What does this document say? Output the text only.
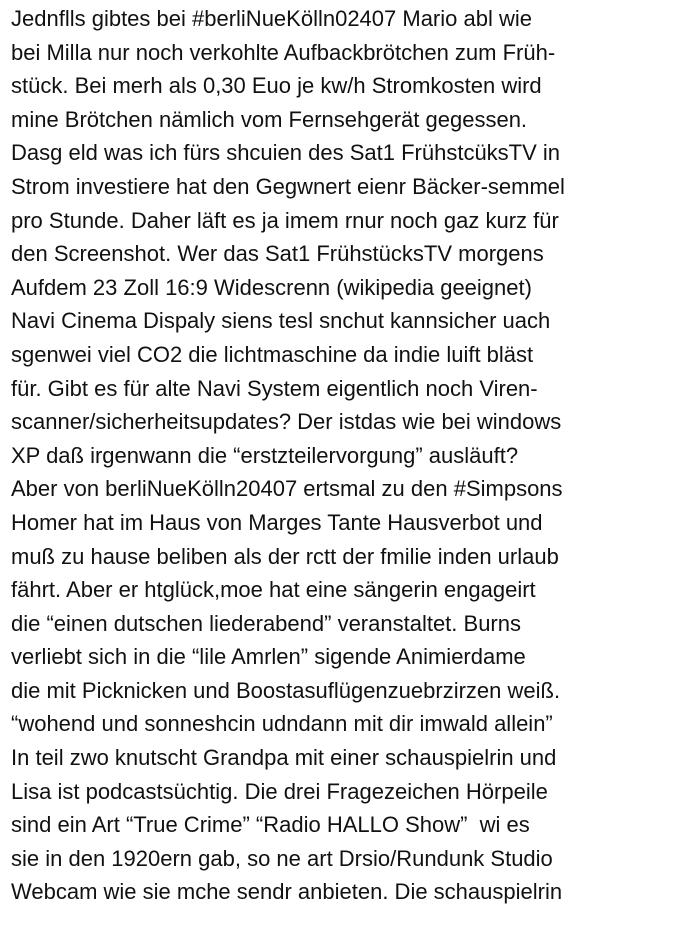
Jednflls gibtes bei #berliNueKölln02407 Mario abl wie
bei Milla nur noch verkohlte Aufbackbrötchen zum Früh-
stück. Bei merh als 0,30 Euo je kw/h Stromkosten wird
mine Brötchen nämlich vom Fernsehgerät gegessen.
Dasg eld was ich fürs shcuien des Sat1 FrühstcüksTV in
Strom investiere hat den Gegwnert eienr Bäcker-semmel
pro Stunde. Daher läft es ja imem rnur noch gaz kurz für
den Screenshot. Wer das Sat1 FrühstücksTV morgens
Aufdem 23 Zoll 16:9 Widescrenn (wikipedia geeignet)
Navi Cinema Dispaly siens tesl snchut kannsicher uach
sgenwei viel CO2 die lichtmaschine da indie luift bläst
für. Gibt es für alte Navi System eigentlich noch Viren-
scanner/sicherheitsupdates? Der istdas wie bei windows
XP daß irgenwann die “erstzteilervorgung” ausläuft?
Aber von berliNueKölln20407 ertsmal zu den #Simpsons
Homer hat im Haus von Marges Tante Hausverbot und
muß zu hause beliben als der rctt der fmilie inden urlaub
fährt. Aber er htglück,moe hat eine sängerin engageirt
die “einen dutschen liederabend” veranstaltet. Burns
verliebt sich in die “lile Amrlen” sigende Animierdame
die mit Picknicken und Boostasuflügenzuebrzirzen weiß.
“wohend und sonneshcin udndann mit dir imwald allein”
In teil zwo knutscht Grandpa mit einer schauspielrin und
Lisa ist podcastsüchtig. Die drei Fragezeichen Hörpeile
sind ein Art “True Crime” “Radio HALLO Show”  wi es
sie in den 1920ern gab, so ne art Drsio/Rundunk Studio
Webcam wie sie mche sendr anbieten. Die schauspielrin
